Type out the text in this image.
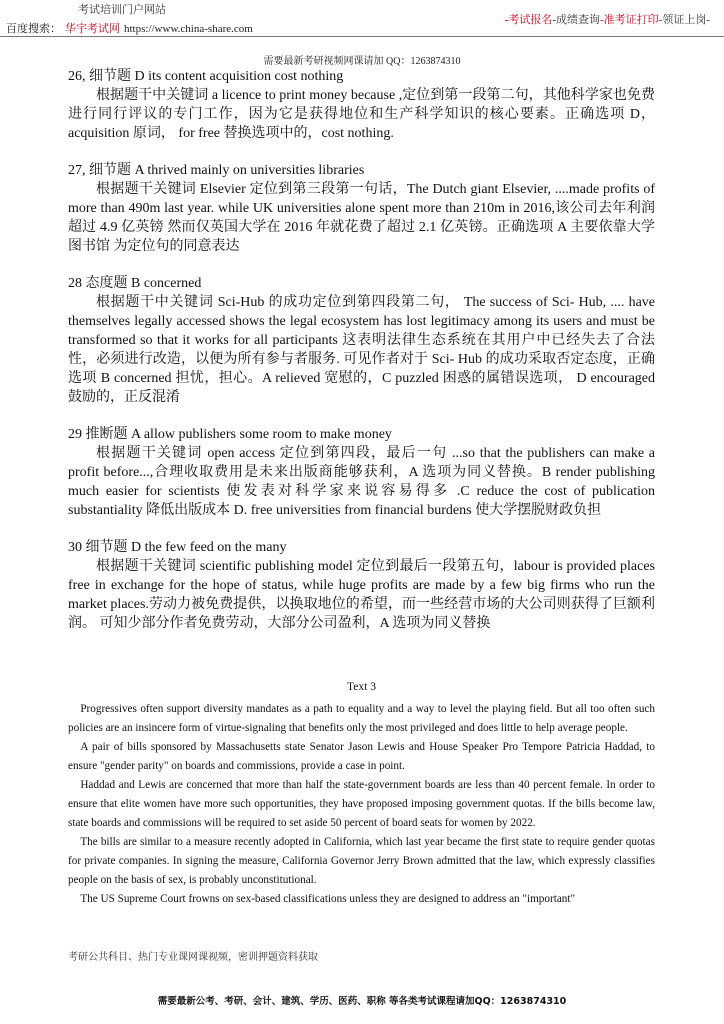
考试培训门户网站
百度搜索： 华宇考试网 https://www.china-share.com
-考试报名-成绩查询-准考证打印-领证上岗-
需要最新考研视频网课请加 QQ：1263874310

26, 细节题 D its content acquisition cost nothing

根据题干中关键词 a licence to print money because ,定位到第一段第二句，其他科学家也免费进行同行评议的专门工作，因为它是获得地位和生产科学知识的核心要素。正确选项 D，acquisition 原词， for free 替换选项中的，cost nothing.

27, 细节题 A thrived mainly on universities libraries

根据题干关键词 Elsevier 定位到第三段第一句话，The Dutch giant Elsevier, ....made profits of more than 490m last year. while UK universities alone spent more than 210m in 2016,该公司去年利润超过 4.9 亿英镑 然而仅英国大学在 2016 年就花费了超过 2.1 亿英镑。正确选项 A 主要依靠大学图书馆 为定位句的同意表达

28 态度题 B concerned

根据题干中关键词 Sci-Hub 的成功定位到第四段第二句， The success of Sci- Hub, .... have themselves legally accessed shows the legal ecosystem has lost legitimacy among its users and must be transformed so that it works for all participants 这表明法律生态系统在其用户中已经失去了合法性，必须进行改造，以便为所有参与者服务. 可见作者对于 Sci- Hub 的成功采取否定态度，正确选项 B concerned 担忧，担心。A relieved 宽慰的，C puzzled 困惑的属错误选项， D encouraged 鼓励的，正反混淆

29 推断题 A allow publishers some room to make money

根据题干关键词 open access 定位到第四段，最后一句 ...so that the publishers can make a profit before...,合理收取费用是未来出版商能够获利，A 选项为同义替换。B render publishing much easier for scientists 使发表对科学家来说容易得多 .C reduce the cost of publication substantiality 降低出版成本 D. free universities from financial burdens 使大学摆脱财政负担

30 细节题 D the few feed on the many

根据题干关键词 scientific publishing model 定位到最后一段第五句，labour is provided places free in exchange for the hope of status, while huge profits are made by a few big firms who run the market places.劳动力被免费提供，以换取地位的希望，而一些经营市场的大公司则获得了巨额利润。 可知少部分作者免费劳动，大部分公司盈利，A 选项为同义替换

Text 3

Progressives often support diversity mandates as a path to equality and a way to level the playing field. But all too often such policies are an insincere form of virtue-signaling that benefits only the most privileged and does little to help average people.

A pair of bills sponsored by Massachusetts state Senator Jason Lewis and House Speaker Pro Tempore Patricia Haddad, to ensure "gender parity" on boards and commissions, provide a case in point.

Haddad and Lewis are concerned that more than half the state-government boards are less than 40 percent female. In order to ensure that elite women have more such opportunities, they have proposed imposing government quotas. If the bills become law, state boards and commissions will be required to set aside 50 percent of board seats for women by 2022.

The bills are similar to a measure recently adopted in California, which last year became the first state to require gender quotas for private companies. In signing the measure, California Governor Jerry Brown admitted that the law, which expressly classifies people on the basis of sex, is probably unconstitutional.

The US Supreme Court frowns on sex-based classifications unless they are designed to address an "important"

考研公共科目、热门专业课网课视频，密训押题资料获取
需要最新公考、考研、会计、建筑、学历、医药、职称 等各类考试课程请加QQ：1263874310
